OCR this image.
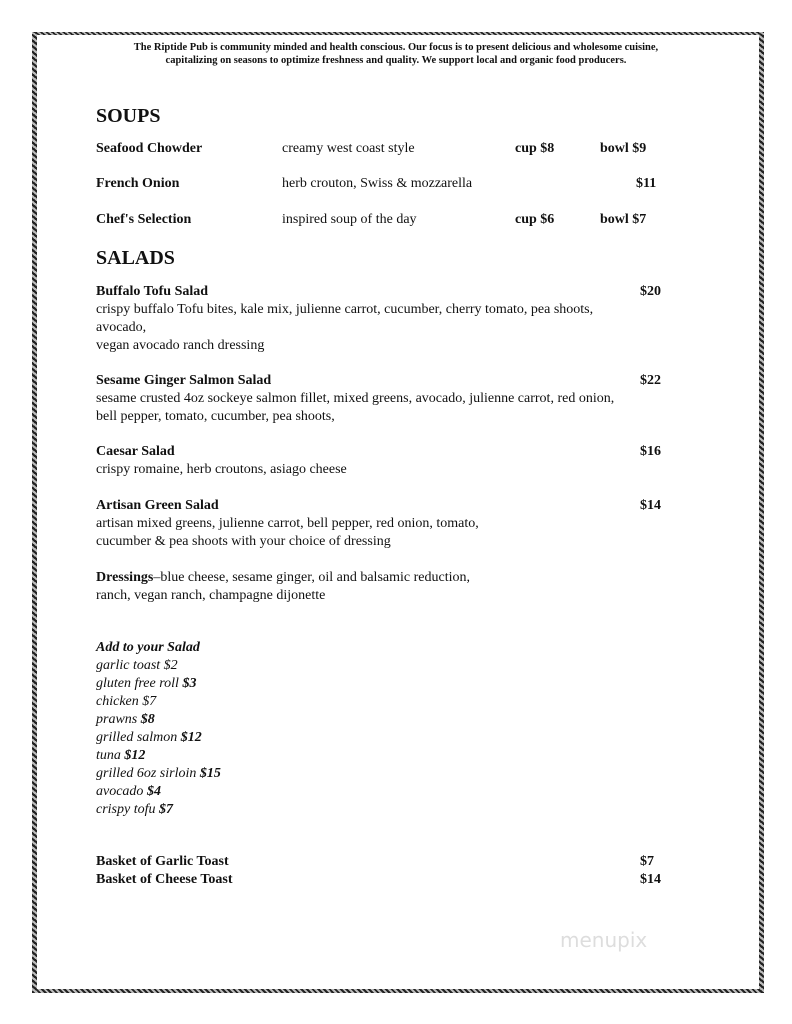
The Riptide Pub is community minded and health conscious. Our focus is to present delicious and wholesome cuisine,
capitalizing on seasons to optimize freshness and quality. We support local and organic food producers.
SOUPS
Seafood Chowder	creamy west coast style	cup $8	bowl $9
French Onion	herb crouton, Swiss & mozzarella	$11
Chef's Selection	inspired soup of the day	cup $6	bowl $7
SALADS
Buffalo Tofu Salad	$20
crispy buffalo Tofu bites, kale mix, julienne carrot, cucumber, cherry tomato, pea shoots,
avocado,
vegan avocado ranch dressing
Sesame Ginger Salmon Salad	$22
sesame crusted 4oz sockeye salmon fillet, mixed greens, avocado, julienne carrot, red onion,
bell pepper, tomato, cucumber, pea shoots,
Caesar Salad	$16
crispy romaine, herb croutons, asiago cheese
Artisan Green Salad	$14
artisan mixed greens, julienne carrot, bell pepper, red onion, tomato,
cucumber & pea shoots with your choice of dressing
Dressings–blue cheese, sesame ginger, oil and balsamic reduction,
ranch, vegan ranch, champagne dijonette
Add to your Salad
garlic toast $2
gluten free roll $3
chicken $7
prawns $8
grilled salmon $12
tuna $12
grilled 6oz sirloin $15
avocado $4
crispy tofu $7
Basket of Garlic Toast	$7
Basket of Cheese Toast	$14
menupix
